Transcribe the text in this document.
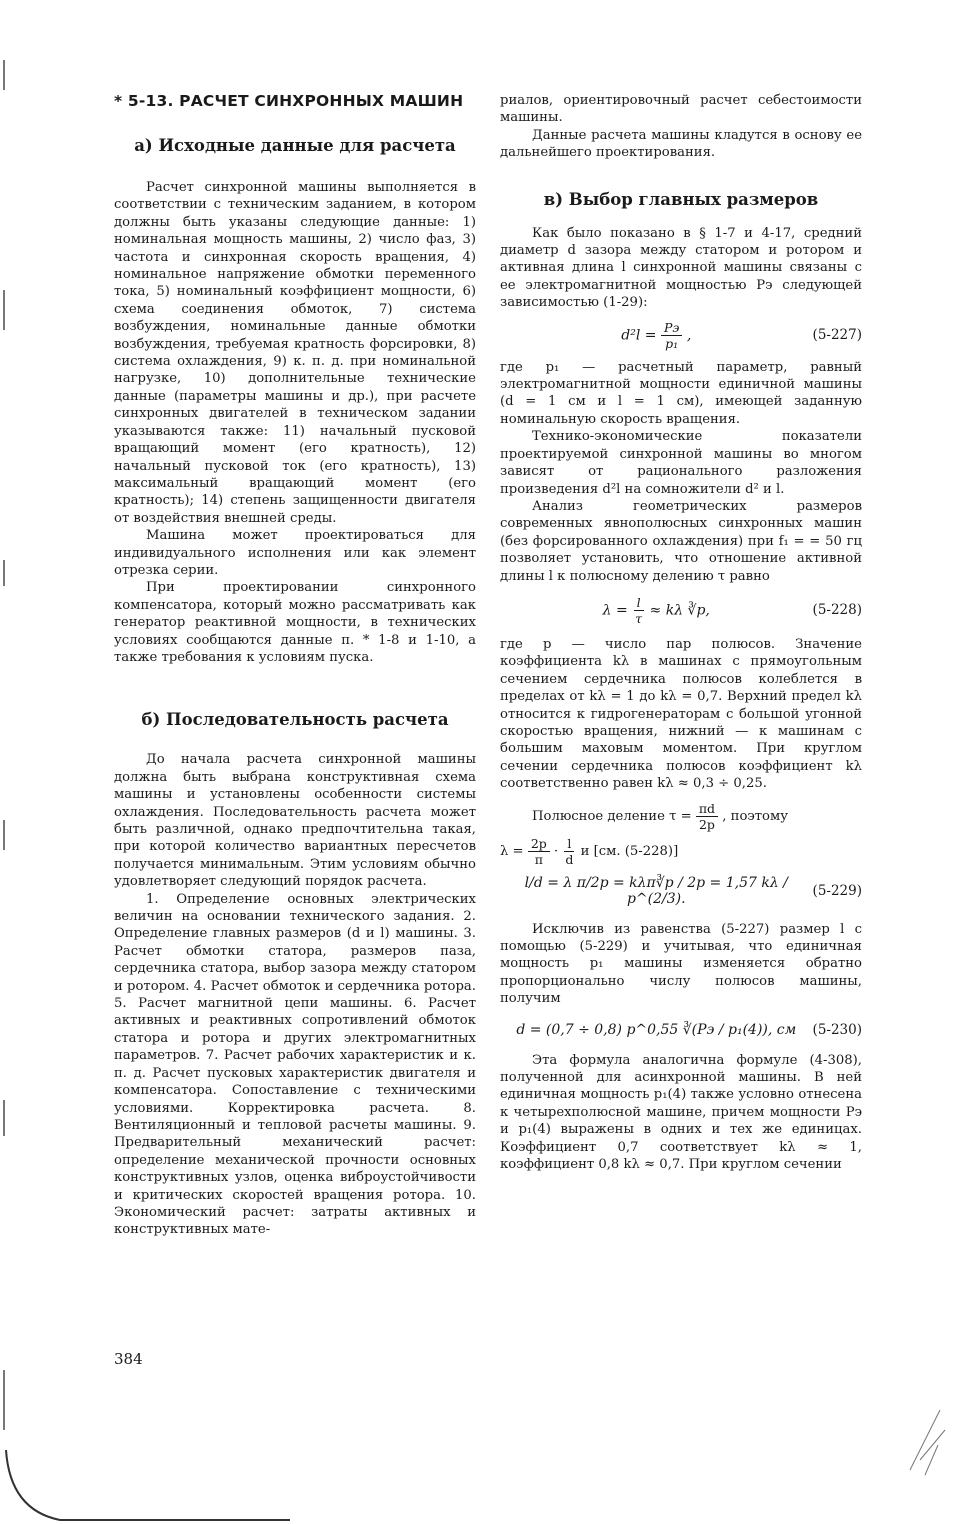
* 5-13. РАСЧЕТ СИНХРОННЫХ МАШИН
а) Исходные данные для расчета

Расчет синхронной машины выполняется в соответствии с техническим заданием, в котором должны быть указаны следующие данные: 1) номинальная мощность машины, 2) число фаз, 3) частота и синхронная скорость вращения, 4) номинальное напряжение обмотки переменного тока, 5) номинальный коэффициент мощности, 6) схема соединения обмоток, 7) система возбуждения, номинальные данные обмотки возбуждения, требуемая кратность форсировки, 8) система охлаждения, 9) к. п. д. при номинальной нагрузке, 10) дополнительные технические данные (параметры машины и др.), при расчете синхронных двигателей в техническом задании указываются также: 11) начальный пусковой вращающий момент (его кратность), 12) начальный пусковой ток (его кратность), 13) максимальный вращающий момент (его кратность); 14) степень защищенности двигателя от воздействия внешней среды.

Машина может проектироваться для индивидуального исполнения или как элемент отрезка серии.

При проектировании синхронного компенсатора, который можно рассматривать как генератор реактивной мощности, в технических условиях сообщаются данные п. * 1-8 и 1-10, а также требования к условиям пуска.

б) Последовательность расчета

До начала расчета синхронной машины должна быть выбрана конструктивная схема машины и установлены особенности системы охлаждения. Последовательность расчета может быть различной, однако предпочтительна такая, при которой количество вариантных пересчетов получается минимальным. Этим условиям обычно удовлетворяет следующий порядок расчета.

1. Определение основных электрических величин на основании технического задания. 2. Определение главных размеров (d и l) машины. 3. Расчет обмотки статора, размеров паза, сердечника статора, выбор зазора между статором и ротором. 4. Расчет обмоток и сердечника ротора. 5. Расчет магнитной цепи машины. 6. Расчет активных и реактивных сопротивлений обмоток статора и ротора и других электромагнитных параметров. 7. Расчет рабочих характеристик и к. п. д. Расчет пусковых характеристик двигателя и компенсатора. Сопоставление с техническими условиями. Корректировка расчета. 8. Вентиляционный и тепловой расчеты машины. 9. Предварительный механический расчет: определение механической прочности основных конструктивных узлов, оценка виброустойчивости и критических скоростей вращения ротора. 10. Экономический расчет: затраты активных и конструктивных мате-

384

риалов, ориентировочный расчет себестоимости машины.

Данные расчета машины кладутся в основу ее дальнейшего проектирования.

в) Выбор главных размеров

Как было показано в § 1-7 и 4-17, средний диаметр d зазора между статором и ротором и активная длина l синхронной машины связаны с ее электромагнитной мощностью Pэ следующей зависимостью (1-29):

$d^2l = \frac{Pэ}{\text{p₁}}$ ,	(5-227)

где p₁ — расчетный параметр, равный электромагнитной мощности единичной машины (d = 1 см и l = 1 см), имеющей заданную номинальную скорость вращения.

Технико-экономические показатели проектируемой синхронной машины во многом зависят от рационального разложения произведения d²l на сомножители d² и l.

Анализ геометрических размеров современных явнополюсных синхронных машин (без форсированного охлаждения) при f₁ = = 50 гц позволяет установить, что отношение активной длины l к полюсному делению τ равно

$\lambda = \frac{l}{\tau} \approx k\lambda$ ∛p,	(5-228)

где p — число пар полюсов. Значение коэффициента kλ в машинах с прямоугольным сечением сердечника полюсов колеблется в пределах от kλ = 1 до kλ = 0,7. Верхний предел kλ относится к гидрогенераторам с большой угонной скоростью вращения, нижний — к машинам с большим маховым моментом. При круглом сечении сердечника полюсов коэффициент kλ соответственно равен kλ ≈ 0,3 ÷ 0,25.

Полюсное деление $\tau = \frac{\pi d}{2p}$ , поэтому
$\lambda = \frac{2p}{\pi} \cdot \frac{l}{d}$ и [см. (5-228)]
l/d = λ π/2p = kλπ∛p / 2p = 1,57 kλ / p^(2/3).	(5-229)

Исключив из равенства (5-227) размер l с помощью (5-229) и учитывая, что единичная мощность p₁ машины изменяется обратно пропорционально числу полюсов машины, получим

d = (0,7 ÷ 0,8) p^0,55 ∛(Pэ / p₁(4)), см	(5-230)

Эта формула аналогична формуле (4-308), полученной для асинхронной машины. В ней единичная мощность p₁(4) также условно отнесена к четырехполюсной машине, причем мощности Pэ и p₁(4) выражены в одних и тех же единицах. Коэффициент 0,7 соответствует kλ ≈ 1, коэффициент 0,8 kλ ≈ 0,7. При круглом сечении
